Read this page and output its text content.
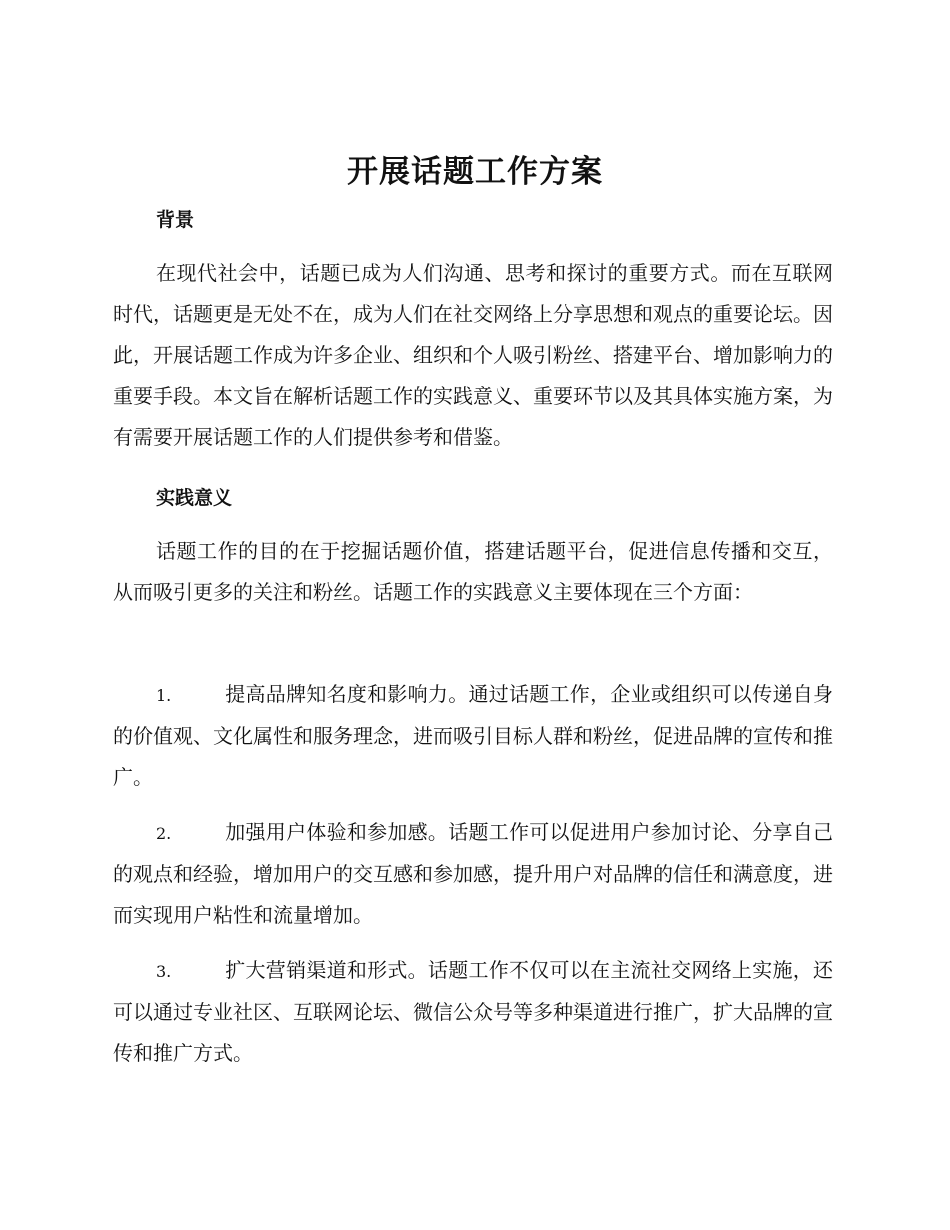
开展话题工作方案
背景

在现代社会中，话题已成为人们沟通、思考和探讨的重要方式。而在互联网时代，话题更是无处不在，成为人们在社交网络上分享思想和观点的重要论坛。因此，开展话题工作成为许多企业、组织和个人吸引粉丝、搭建平台、增加影响力的重要手段。本文旨在解析话题工作的实践意义、重要环节以及其具体实施方案，为有需要开展话题工作的人们提供参考和借鉴。

实践意义

话题工作的目的在于挖掘话题价值，搭建话题平台，促进信息传播和交互，从而吸引更多的关注和粉丝。话题工作的实践意义主要体现在三个方面：

1.	提高品牌知名度和影响力。通过话题工作，企业或组织可以传递自身的价值观、文化属性和服务理念，进而吸引目标人群和粉丝，促进品牌的宣传和推广。

2.	加强用户体验和参加感。话题工作可以促进用户参加讨论、分享自己的观点和经验，增加用户的交互感和参加感，提升用户对品牌的信任和满意度，进而实现用户粘性和流量增加。

3.	扩大营销渠道和形式。话题工作不仅可以在主流社交网络上实施，还可以通过专业社区、互联网论坛、微信公众号等多种渠道进行推广，扩大品牌的宣传和推广方式。
